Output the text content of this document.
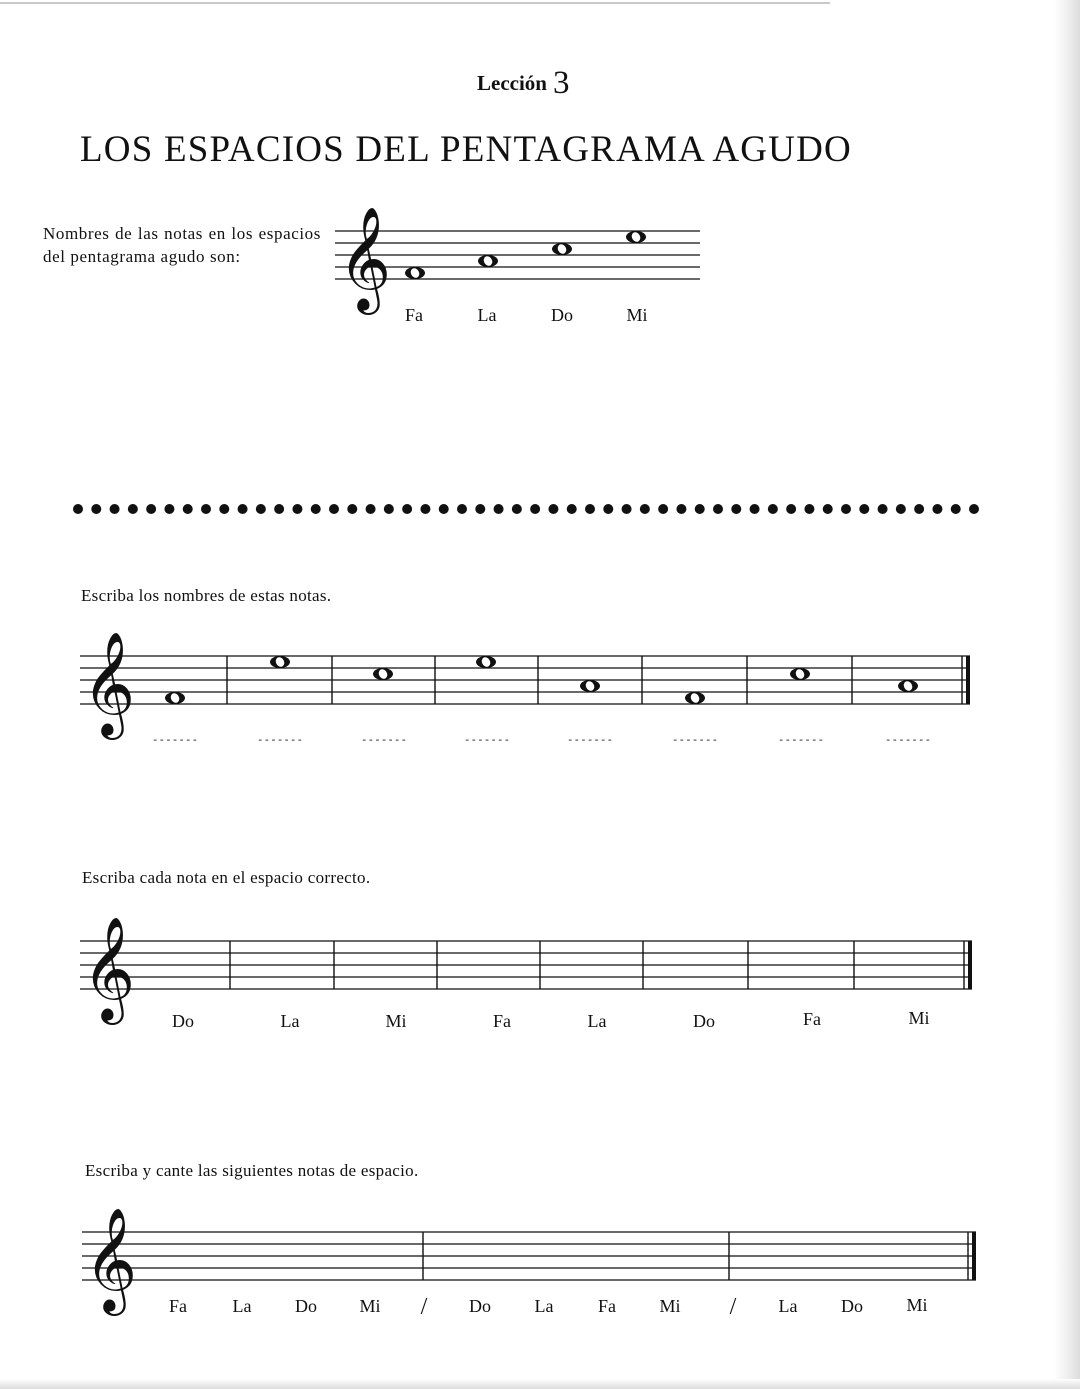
Lección 3
LOS ESPACIOS DEL PENTAGRAMA AGUDO
Nombres de las notas en los espacios del pentagrama agudo son:	𝄞
Fa	La	Do	Mi
Escriba los nombres de estas notas.
𝄞
-------	-------	-------	-------	-------	-------	-------	-------
Escriba cada nota en el espacio correcto.
𝄞 Do	La	Mi	Fa	La	Do	Fa	Mi
Escriba y cante las siguientes notas de espacio.
𝄞 Fa	La Do Mi / Do La Fa Mi / La Do Mi
